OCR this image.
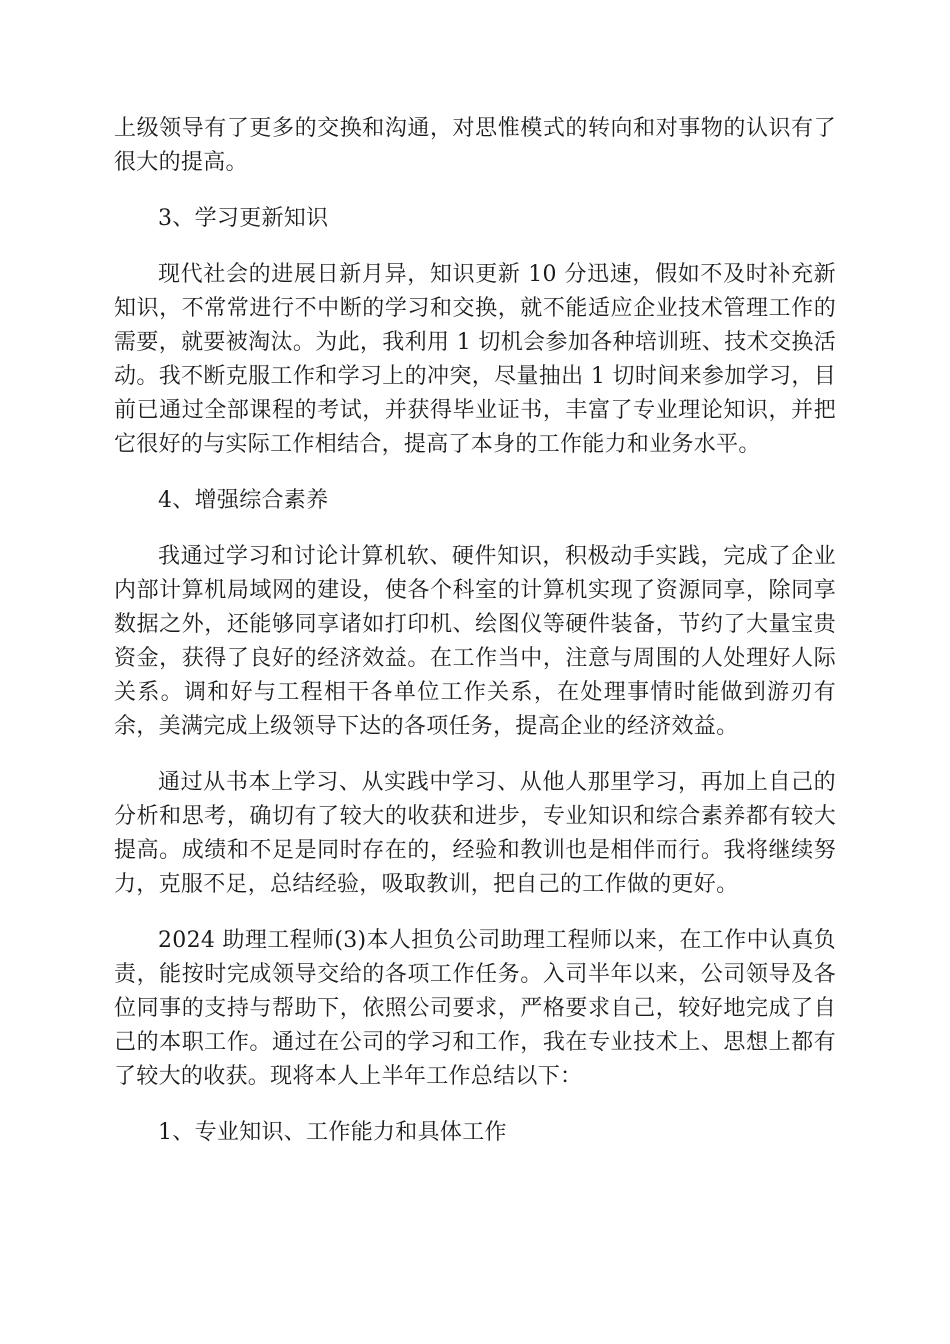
上级领导有了更多的交换和沟通，对思惟模式的转向和对事物的认识有了
很大的提高。
3、学习更新知识
现代社会的进展日新月异，知识更新 10 分迅速，假如不及时补充新
知识，不常常进行不中断的学习和交换，就不能适应企业技术管理工作的
需要，就要被淘汰。为此，我利用 1 切机会参加各种培训班、技术交换活
动。我不断克服工作和学习上的冲突，尽量抽出 1 切时间来参加学习，目
前已通过全部课程的考试，并获得毕业证书，丰富了专业理论知识，并把
它很好的与实际工作相结合，提高了本身的工作能力和业务水平。
4、增强综合素养
我通过学习和讨论计算机软、硬件知识，积极动手实践，完成了企业
内部计算机局域网的建设，使各个科室的计算机实现了资源同享，除同享
数据之外，还能够同享诸如打印机、绘图仪等硬件装备，节约了大量宝贵
资金，获得了良好的经济效益。在工作当中，注意与周围的人处理好人际
关系。调和好与工程相干各单位工作关系，在处理事情时能做到游刃有
余，美满完成上级领导下达的各项任务，提高企业的经济效益。
通过从书本上学习、从实践中学习、从他人那里学习，再加上自己的
分析和思考，确切有了较大的收获和进步，专业知识和综合素养都有较大
提高。成绩和不足是同时存在的，经验和教训也是相伴而行。我将继续努
力，克服不足，总结经验，吸取教训，把自己的工作做的更好。
2024 助理工程师(3)本人担负公司助理工程师以来，在工作中认真负
责，能按时完成领导交给的各项工作任务。入司半年以来，公司领导及各
位同事的支持与帮助下，依照公司要求，严格要求自己，较好地完成了自
己的本职工作。通过在公司的学习和工作，我在专业技术上、思想上都有
了较大的收获。现将本人上半年工作总结以下：
1、专业知识、工作能力和具体工作
